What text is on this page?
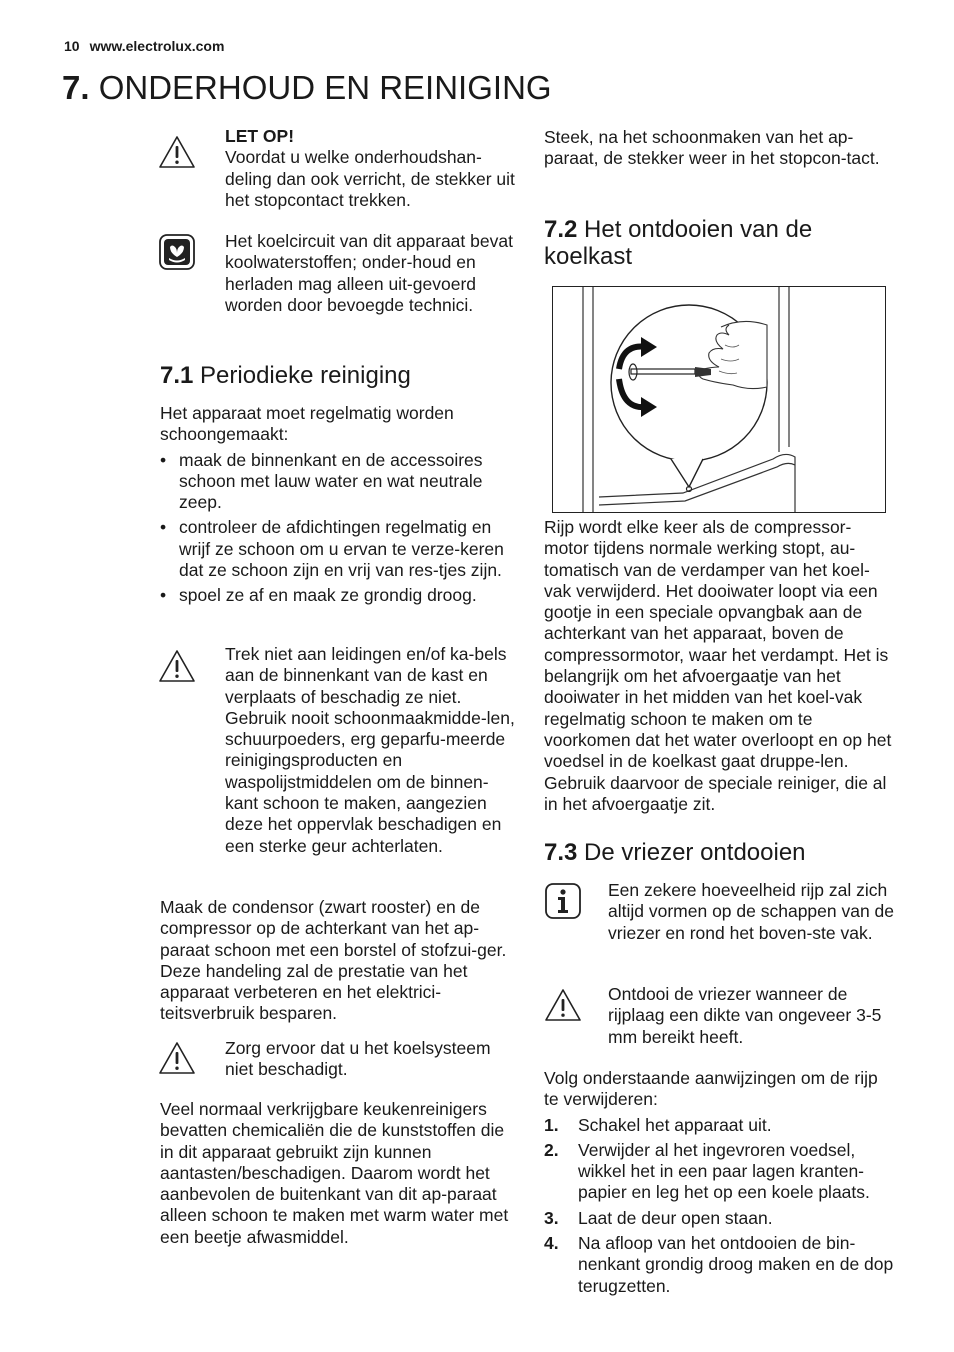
10 www.electrolux.com
7. ONDERHOUD EN REINIGING

LET OP!

Voordat u welke onderhoudshan-deling dan ook verricht, de stekker uit het stopcontact trekken.

Het koelcircuit van dit apparaat bevat koolwaterstoffen; onder-houd en herladen mag alleen uit-gevoerd worden door bevoegde technici.

7.1 Periodieke reiniging

Het apparaat moet regelmatig worden schoongemaakt:

• maak de binnenkant en de accessoires schoon met lauw water en wat neutrale zeep.
• controleer de afdichtingen regelmatig en wrijf ze schoon om u ervan te verze-keren dat ze schoon zijn en vrij van res-tjes zijn.
• spoel ze af en maak ze grondig droog.

Trek niet aan leidingen en/of ka-bels aan de binnenkant van de kast en verplaats of beschadig ze niet.

Gebruik nooit schoonmaakmidde-len, schuurpoeders, erg geparfu-meerde reinigingsproducten en waspolijstmiddelen om de binnen-kant schoon te maken, aangezien deze het oppervlak beschadigen en een sterke geur achterlaten.

Maak de condensor (zwart rooster) en de compressor op de achterkant van het ap-paraat schoon met een borstel of stofzui-ger. Deze handeling zal de prestatie van het apparaat verbeteren en het elektrici-teitsverbruik besparen.

Zorg ervoor dat u het koelsysteem niet beschadigt.

Veel normaal verkrijgbare keukenreinigers bevatten chemicaliën die de kunststoffen die in dit apparaat gebruikt zijn kunnen aantasten/beschadigen. Daarom wordt het aanbevolen de buitenkant van dit ap-paraat alleen schoon te maken met warm water met een beetje afwasmiddel.

Steek, na het schoonmaken van het ap-paraat, de stekker weer in het stopcon-tact.

7.2 Het ontdooien van de koelkast

Rijp wordt elke keer als de compressor-motor tijdens normale werking stopt, au-tomatisch van de verdamper van het koel-vak verwijderd. Het dooiwater loopt via een gootje in een speciale opvangbak aan de achterkant van het apparaat, boven de compressormotor, waar het verdampt. Het is belangrijk om het afvoergaatje van het dooiwater in het midden van het koel-vak regelmatig schoon te maken om te voorkomen dat het water overloopt en op het voedsel in de koelkast gaat druppe-len. Gebruik daarvoor de speciale reiniger, die al in het afvoergaatje zit.

7.3 De vriezer ontdooien

Een zekere hoeveelheid rijp zal zich altijd vormen op de schappen van de vriezer en rond het boven-ste vak.

Ontdooi de vriezer wanneer de rijplaag een dikte van ongeveer 3-5 mm bereikt heeft.

Volg onderstaande aanwijzingen om de rijp te verwijderen:

1. Schakel het apparaat uit.
2. Verwijder al het ingevroren voedsel, wikkel het in een paar lagen kranten-papier en leg het op een koele plaats.
3. Laat de deur open staan.
4. Na afloop van het ontdooien de bin-nenkant grondig droog maken en de dop terugzetten.
